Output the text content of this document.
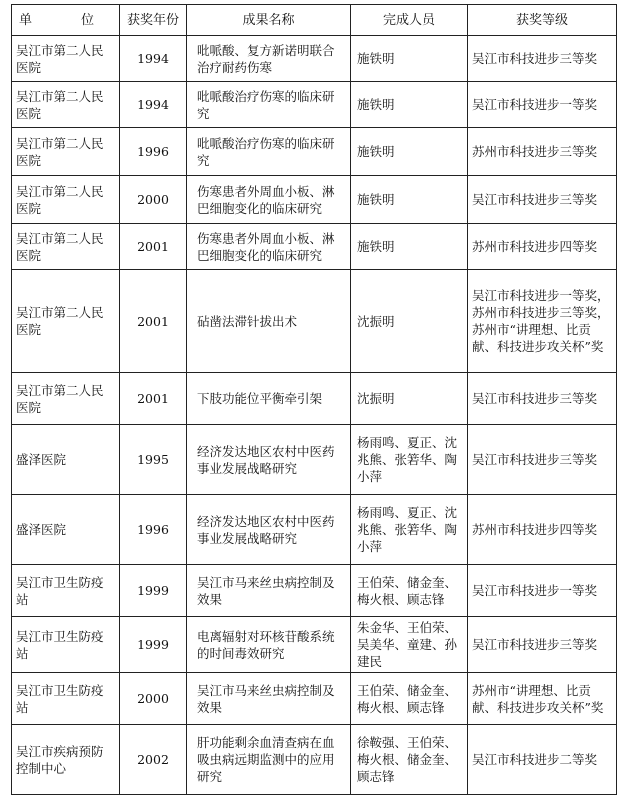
单　位	获奖年份	成果名称	完成人员	获奖等级
吴江市第二人民医院	1994	吡哌酸、复方新诺明联合治疗耐药伤寒	施铁明	吴江市科技进步三等奖
吴江市第二人民医院	1994	吡哌酸治疗伤寒的临床研究	施铁明	吴江市科技进步一等奖
吴江市第二人民医院	1996	吡哌酸治疗伤寒的临床研究	施铁明	苏州市科技进步三等奖
吴江市第二人民医院	2000	伤寒患者外周血小板、淋巴细胞变化的临床研究	施铁明	吴江市科技进步三等奖
吴江市第二人民医院	2001	伤寒患者外周血小板、淋巴细胞变化的临床研究	施铁明	苏州市科技进步四等奖
吴江市第二人民医院	2001	砧凿法滞针拔出术	沈振明	吴江市科技进步一等奖，苏州市科技进步三等奖，苏州市“讲理想、比贡献、科技进步攻关杯”奖
吴江市第二人民医院	2001	下肢功能位平衡牵引架	沈振明	吴江市科技进步三等奖
盛泽医院	1995	经济发达地区农村中医药事业发展战略研究	杨雨鸣、夏正、沈兆熊、张箬华、陶小萍	吴江市科技进步三等奖
盛泽医院	1996	经济发达地区农村中医药事业发展战略研究	杨雨鸣、夏正、沈兆熊、张箬华、陶小萍	苏州市科技进步四等奖
吴江市卫生防疫站	1999	吴江市马来丝虫病控制及效果	王伯荣、储金奎、梅火根、顾志锋	吴江市科技进步一等奖
吴江市卫生防疫站	1999	电离辐射对环核苷酸系统的时间毒效研究	朱金华、王伯荣、吴美华、童建、孙建民	吴江市科技进步三等奖
吴江市卫生防疫站	2000	吴江市马来丝虫病控制及效果	王伯荣、储金奎、梅火根、顾志锋	苏州市“讲理想、比贡献、科技进步攻关杯”奖
吴江市疾病预防控制中心	2002	肝功能剩余血清查病在血吸虫病远期监测中的应用研究	徐鞍强、王伯荣、梅火根、储金奎、顾志锋	吴江市科技进步二等奖
